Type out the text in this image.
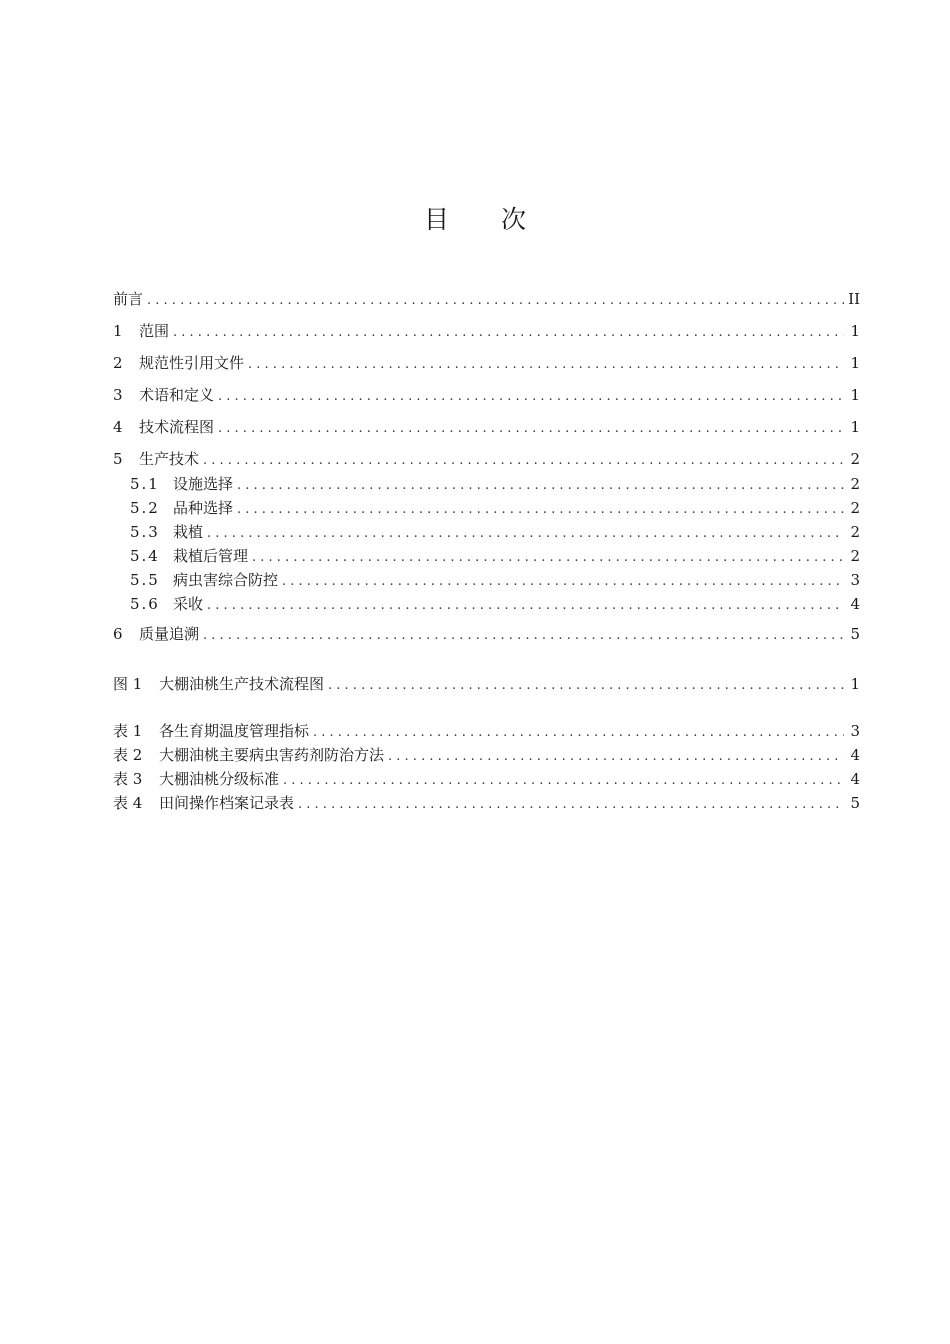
目 次
前言 . . .	II
1	范围 . . .	1
2	规范性引用文件 . . .	1
3	术语和定义 . . .	1
4	技术流程图 . . .	1
5	生产技术 . . .	2
5.1 设施选择 . . .	2
5.2 品种选择 . . .	2
5.3 栽植 . . .	2
5.4 栽植后管理 . . .	2
5.5 病虫害综合防控 . . .	3
5.6 采收 . . .	4
6	质量追溯 . . .	5
图 1	大棚油桃生产技术流程图 . . .	1
表 1	各生育期温度管理指标 . . .	3
表 2	大棚油桃主要病虫害药剂防治方法 . . .	4
表 3	大棚油桃分级标准 . . .	4
表 4	田间操作档案记录表 . . .	5
